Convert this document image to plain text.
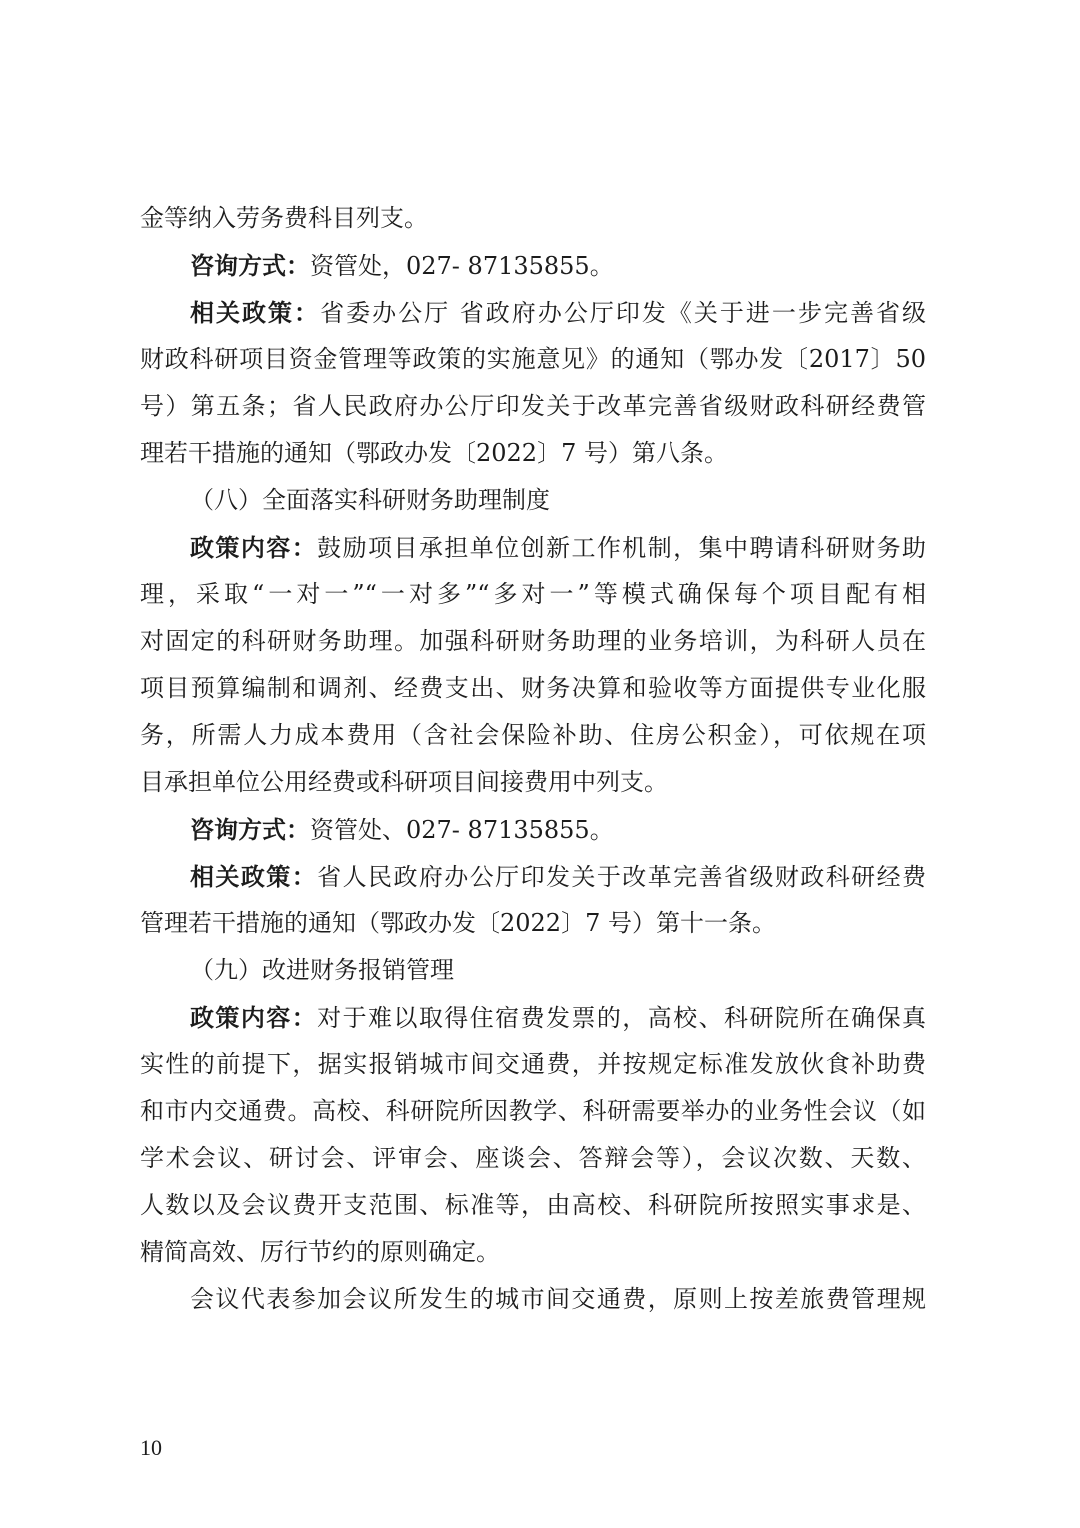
金等纳入劳务费科目列支。
咨询方式：资管处，027- 87135855。
相关政策：省委办公厅 省政府办公厅印发《关于进一步完善省级
财政科研项目资金管理等政策的实施意见》的通知（鄂办发〔2017〕50
号）第五条；省人民政府办公厅印发关于改革完善省级财政科研经费管
理若干措施的通知（鄂政办发〔2022〕7 号）第八条。
（八）全面落实科研财务助理制度
政策内容：鼓励项目承担单位创新工作机制，集中聘请科研财务助
理，采取“一对一”“一对多”“多对一”等模式确保每个项目配有相
对固定的科研财务助理。加强科研财务助理的业务培训，为科研人员在
项目预算编制和调剂、经费支出、财务决算和验收等方面提供专业化服
务，所需人力成本费用（含社会保险补助、住房公积金），可依规在项
目承担单位公用经费或科研项目间接费用中列支。
咨询方式：资管处、027- 87135855。
相关政策：省人民政府办公厅印发关于改革完善省级财政科研经费
管理若干措施的通知（鄂政办发〔2022〕7 号）第十一条。
（九）改进财务报销管理
政策内容：对于难以取得住宿费发票的，高校、科研院所在确保真
实性的前提下，据实报销城市间交通费，并按规定标准发放伙食补助费
和市内交通费。高校、科研院所因教学、科研需要举办的业务性会议（如
学术会议、研讨会、评审会、座谈会、答辩会等），会议次数、天数、
人数以及会议费开支范围、标准等，由高校、科研院所按照实事求是、
精简高效、厉行节约的原则确定。
会议代表参加会议所发生的城市间交通费，原则上按差旅费管理规
10
